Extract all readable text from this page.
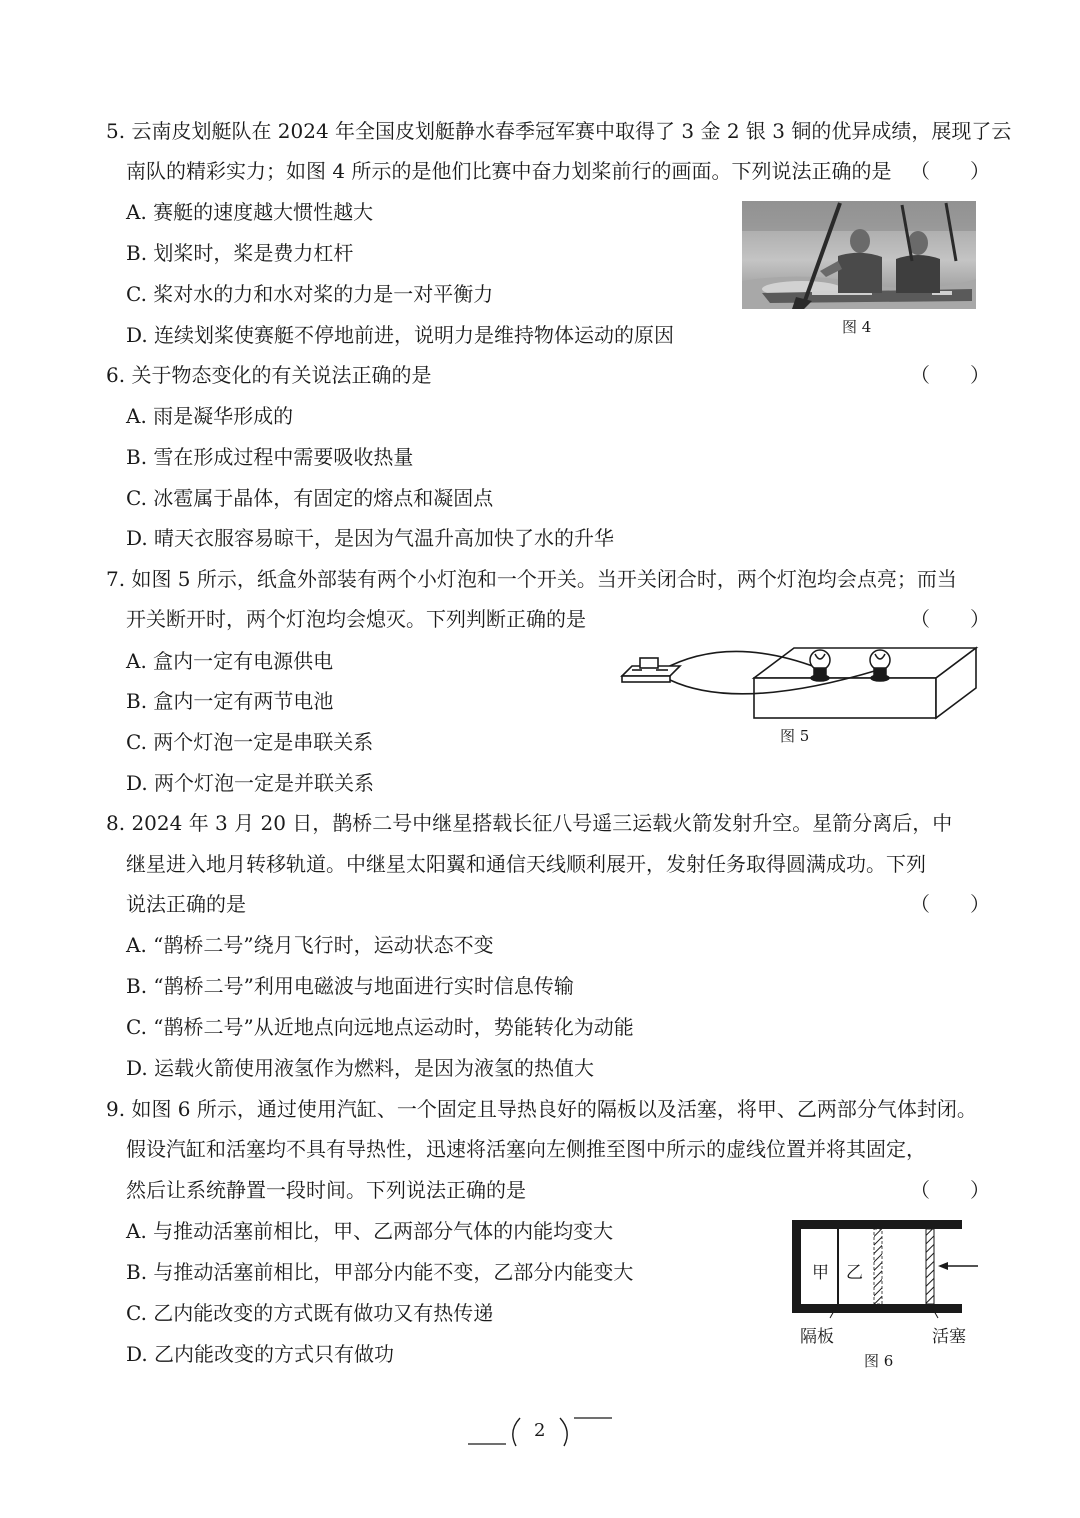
5. 云南皮划艇队在 2024 年全国皮划艇静水春季冠军赛中取得了 3 金 2 银 3 铜的优异成绩，展现了云
南队的精彩实力；如图 4 所示的是他们比赛中奋力划桨前行的画面。下列说法正确的是 （　　）
A. 赛艇的速度越大惯性越大
B. 划桨时，桨是费力杠杆
C. 桨对水的力和水对桨的力是一对平衡力
D. 连续划桨使赛艇不停地前进，说明力是维持物体运动的原因	图 4
6. 关于物态变化的有关说法正确的是	（　　）
A. 雨是凝华形成的
B. 雪在形成过程中需要吸收热量
C. 冰雹属于晶体，有固定的熔点和凝固点
D. 晴天衣服容易晾干，是因为气温升高加快了水的升华
7. 如图 5 所示，纸盒外部装有两个小灯泡和一个开关。当开关闭合时，两个灯泡均会点亮；而当
开关断开时，两个灯泡均会熄灭。下列判断正确的是	（　　）
A. 盒内一定有电源供电
B. 盒内一定有两节电池
C. 两个灯泡一定是串联关系
D. 两个灯泡一定是并联关系
图 5
8. 2024 年 3 月 20 日，鹊桥二号中继星搭载长征八号遥三运载火箭发射升空。星箭分离后，中
继星进入地月转移轨道。中继星太阳翼和通信天线顺利展开，发射任务取得圆满成功。下列
说法正确的是	（　　）
A. “鹊桥二号”绕月飞行时，运动状态不变
B. “鹊桥二号”利用电磁波与地面进行实时信息传输
C. “鹊桥二号”从近地点向远地点运动时，势能转化为动能
D. 运载火箭使用液氢作为燃料，是因为液氢的热值大
9. 如图 6 所示，通过使用汽缸、一个固定且导热良好的隔板以及活塞，将甲、乙两部分气体封闭。
假设汽缸和活塞均不具有导热性，迅速将活塞向左侧推至图中所示的虚线位置并将其固定，
然后让系统静置一段时间。下列说法正确的是	（　　）
A. 与推动活塞前相比，甲、乙两部分气体的内能均变大
B. 与推动活塞前相比，甲部分内能不变，乙部分内能变大
C. 乙内能改变的方式既有做功又有热传递
D. 乙内能改变的方式只有做功
甲 乙
隔板	活塞
图 6
2
